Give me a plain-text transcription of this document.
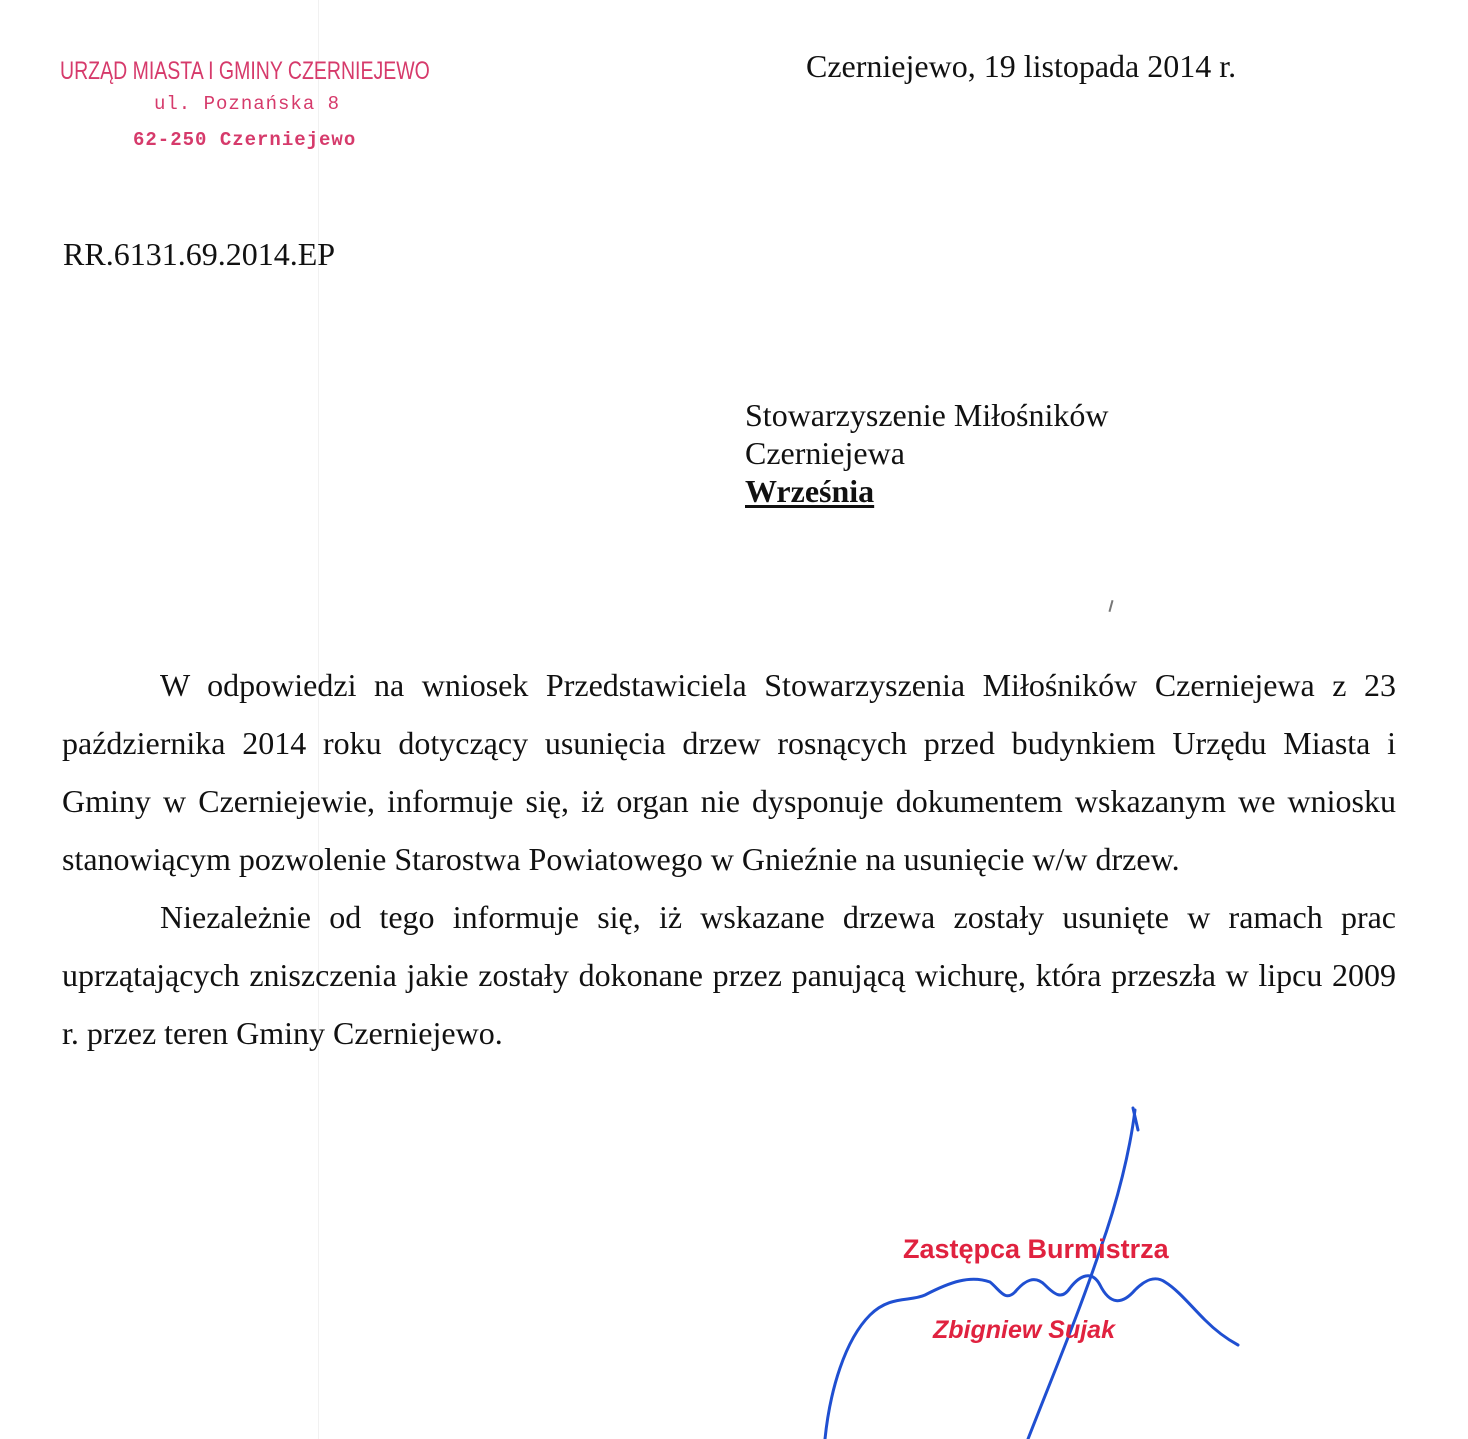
URZĄD MIASTA I GMINY CZERNIEJEWO

ul. Poznańska 8

62-250 Czerniejewo

Czerniejewo, 19 listopada 2014 r.
RR.6131.69.2014.EP
Stowarzyszenie Miłośników
Czerniejewa
Września

W odpowiedzi na wniosek Przedstawiciela Stowarzyszenia Miłośników Czerniejewa z 23 października 2014 roku dotyczący usunięcia drzew rosnących przed budynkiem Urzędu Miasta i Gminy w Czerniejewie, informuje się, iż organ nie dysponuje dokumentem wskazanym we wniosku stanowiącym pozwolenie Starostwa Powiatowego w Gnieźnie na usunięcie w/w drzew.

Niezależnie od tego informuje się, iż wskazane drzewa zostały usunięte w ramach prac uprzątających zniszczenia jakie zostały dokonane przez panującą wichurę, która przeszła w lipcu 2009 r. przez teren Gminy Czerniejewo.

Zastępca Burmistrza
Zbigniew Sujak
